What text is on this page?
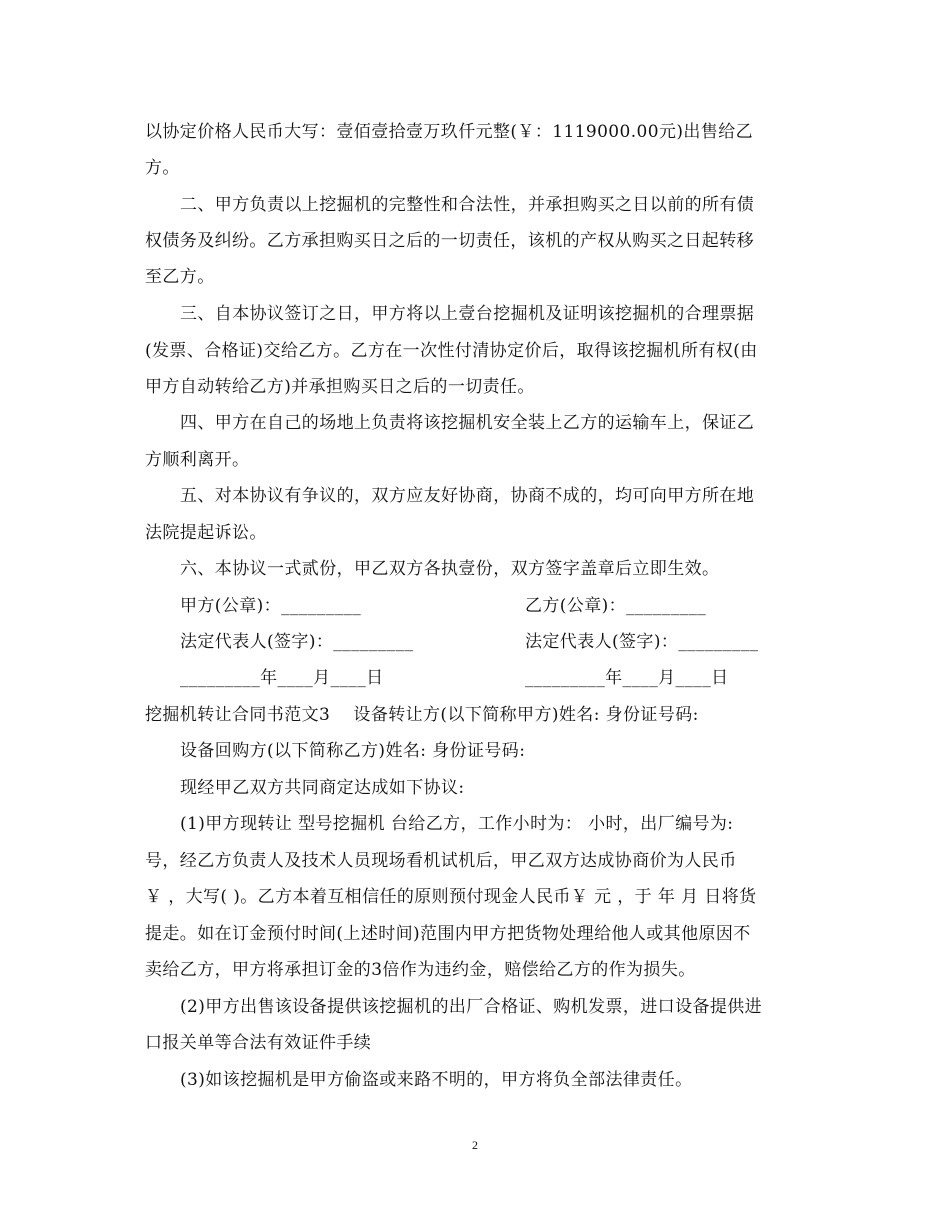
以协定价格人民币大写：壹佰壹拾壹万玖仟元整(￥：1119000.00元)出售给乙
方。
二、甲方负责以上挖掘机的完整性和合法性，并承担购买之日以前的所有债
权债务及纠纷。乙方承担购买日之后的一切责任，该机的产权从购买之日起转移
至乙方。
三、自本协议签订之日，甲方将以上壹台挖掘机及证明该挖掘机的合理票据
(发票、合格证)交给乙方。乙方在一次性付清协定价后，取得该挖掘机所有权(由
甲方自动转给乙方)并承担购买日之后的一切责任。
四、甲方在自己的场地上负责将该挖掘机安全装上乙方的运输车上，保证乙
方顺利离开。
五、对本协议有争议的，双方应友好协商，协商不成的，均可向甲方所在地
法院提起诉讼。
六、本协议一式贰份，甲乙双方各执壹份，双方签字盖章后立即生效。
甲方(公章)：_________	乙方(公章)：_________
法定代表人(签字)：_________	法定代表人(签字)：_________
_________年____月____日	_________年____月____日
挖掘机转让合同书范文3    设备转让方(以下简称甲方)姓名: 身份证号码:
设备回购方(以下简称乙方)姓名: 身份证号码:
现经甲乙双方共同商定达成如下协议:
(1)甲方现转让 型号挖掘机 台给乙方，工作小时为： 小时，出厂编号为:
号，经乙方负责人及技术人员现场看机试机后，甲乙双方达成协商价为人民币
￥ ，大写( )。乙方本着互相信任的原则预付现金人民币￥ 元 ，于 年 月 日将货
提走。如在订金预付时间(上述时间)范围内甲方把货物处理给他人或其他原因不
卖给乙方，甲方将承担订金的3倍作为违约金，赔偿给乙方的作为损失。
(2)甲方出售该设备提供该挖掘机的出厂合格证、购机发票，进口设备提供进
口报关单等合法有效证件手续
(3)如该挖掘机是甲方偷盗或来路不明的，甲方将负全部法律责任。
2
